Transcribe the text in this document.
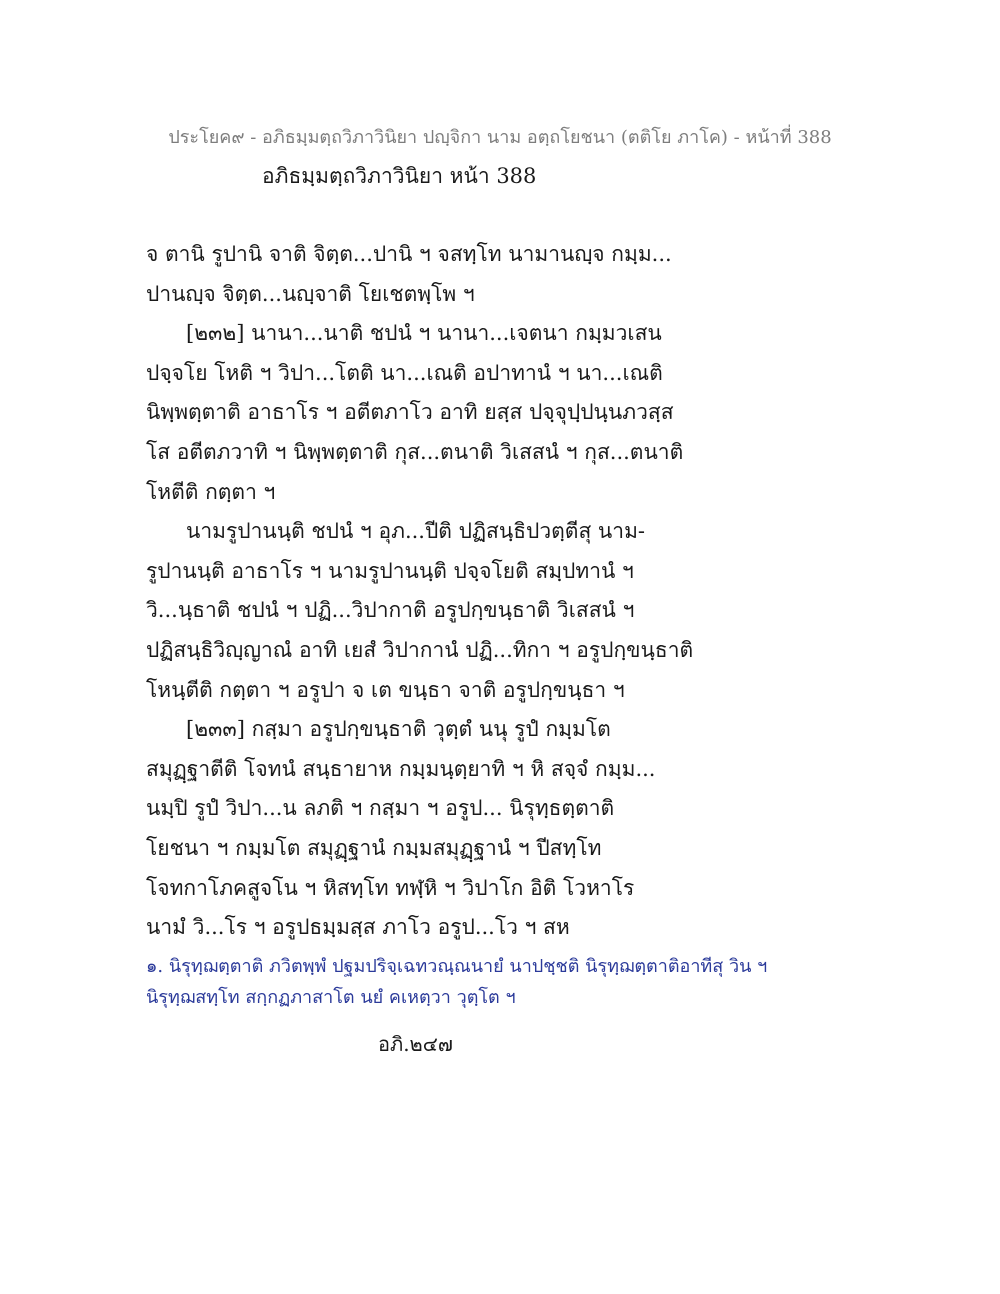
ประโยค๙ - อภิธมฺมตฺถวิภาวินิยา ปญฺจิกา นาม อตฺถโยชนา (ตติโย ภาโค) - หน้าที่ 388
อภิธมฺมตฺถวิภาวินิยา หน้า 388
จ ตานิ รูปานิ จาติ จิตฺต...ปานิ ฯ จสทฺโท นามานญฺจ กมฺม...
ปานญฺจ จิตฺต...นญฺจาติ โยเชตพฺโพ ฯ
[๒๓๒] นานา...นาติ ชปนํ ฯ นานา...เจตนา กมฺมวเสน
ปจฺจโย โหติ ฯ วิปา...โตติ นา...เณติ อปาทานํ ฯ นา...เณติ
นิพฺพตฺตาติ อาธาโร ฯ อตีตภาโว อาทิ ยสฺส ปจฺจุปฺปนฺนภวสฺส
โส อตีตภวาทิ ฯ นิพฺพตฺตาติ กุส...ตนาติ วิเสสนํ ฯ กุส...ตนาติ
โหตีติ กตฺตา ฯ
นามรูปานนฺติ ชปนํ ฯ อุภ...ปีติ ปฏิสนฺธิปวตฺตีสุ นาม-
รูปานนฺติ อาธาโร ฯ นามรูปานนฺติ ปจฺจโยติ สมฺปทานํ ฯ
วิ...นฺธาติ ชปนํ ฯ ปฏิ...วิปากาติ อรูปกฺขนฺธาติ วิเสสนํ ฯ
ปฏิสนฺธิวิญฺญาณํ อาทิ เยสํ วิปากานํ ปฏิ...ทิกา ฯ อรูปกฺขนฺธาติ
โหนฺตีติ กตฺตา ฯ อรูปา จ เต ขนฺธา จาติ อรูปกฺขนฺธา ฯ
[๒๓๓] กสฺมา อรูปกฺขนฺธาติ วุตฺตํ นนุ รูปํ กมฺมโต
สมุฏฺฐาตีติ โจทนํ สนฺธายาห กมฺมนฺตฺยาทิ ฯ หิ สจฺจํ กมฺม...
นมฺปิ รูปํ วิปา...น ลภติ ฯ กสฺมา ฯ อรูป... นิรุทฺธตฺตาติ
โยชนา ฯ กมฺมโต สมุฏฺฐานํ กมฺมสมุฏฺฐานํ ฯ ปีสทฺโท
โจทกาโภคสูจโน ฯ หิสทฺโท ทฬฺหิ ฯ วิปาโก อิติ โวหาโร
นามํ วิ...โร ฯ อรูปธมฺมสฺส ภาโว อรูป...โว ฯ สห
๑. นิรุทฺฌตฺตาติ ภวิตพฺพํ ปฐมปริจฺเฉทวณฺณนายํ นาปชฺชติ นิรุทฺฌตฺตาติอาทีสุ วิน ฯ
นิรุทฺฌสทฺโท สกฺกฏภาสาโต นยํ คเหตฺวา วุตฺโต ฯ
อภิ.๒๔๗
